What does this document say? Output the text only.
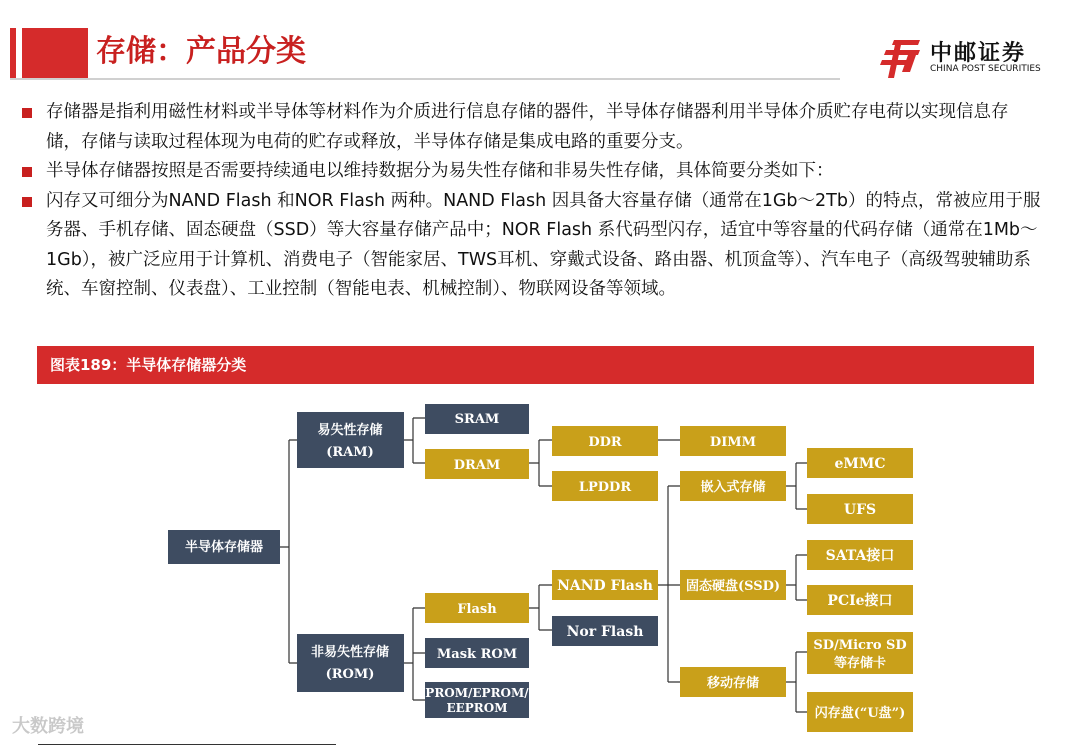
存储：产品分类	中邮证券
CHINA POST SECURITIES
存储器是指利用磁性材料或半导体等材料作为介质进行信息存储的器件，半导体存储器利用半导体介质贮存电荷以实现信息存储，存储与读取过程体现为电荷的贮存或释放，半导体存储是集成电路的重要分支。
半导体存储器按照是否需要持续通电以维持数据分为易失性存储和非易失性存储，具体简要分类如下：
闪存又可细分为NAND Flash 和NOR Flash 两种。NAND Flash 因具备大容量存储（通常在1Gb～2Tb）的特点，常被应用于服务器、手机存储、固态硬盘（SSD）等大容量存储产品中；NOR Flash 系代码型闪存，适宜中等容量的代码存储（通常在1Mb～1Gb），被广泛应用于计算机、消费电子（智能家居、TWS耳机、穿戴式设备、路由器、机顶盒等）、汽车电子（高级驾驶辅助系统、车窗控制、仪表盘）、工业控制（智能电表、机械控制）、物联网设备等领域。
图表189：半导体存储器分类
半导体存储器
易失性存储
(RAM)
非易失性存储
(ROM)
SRAM
Mask ROM
PROM/EPROM/
EEPROM
Nor Flash
DRAM
DDR
LPDDR
DIMM
Flash
NAND Flash
嵌入式存储
固态硬盘(SSD)
移动存储
eMMC
UFS
SATA接口
PCIe接口
SD/Micro SD
等存储卡
闪存盘(“U盘”)
大数跨境
